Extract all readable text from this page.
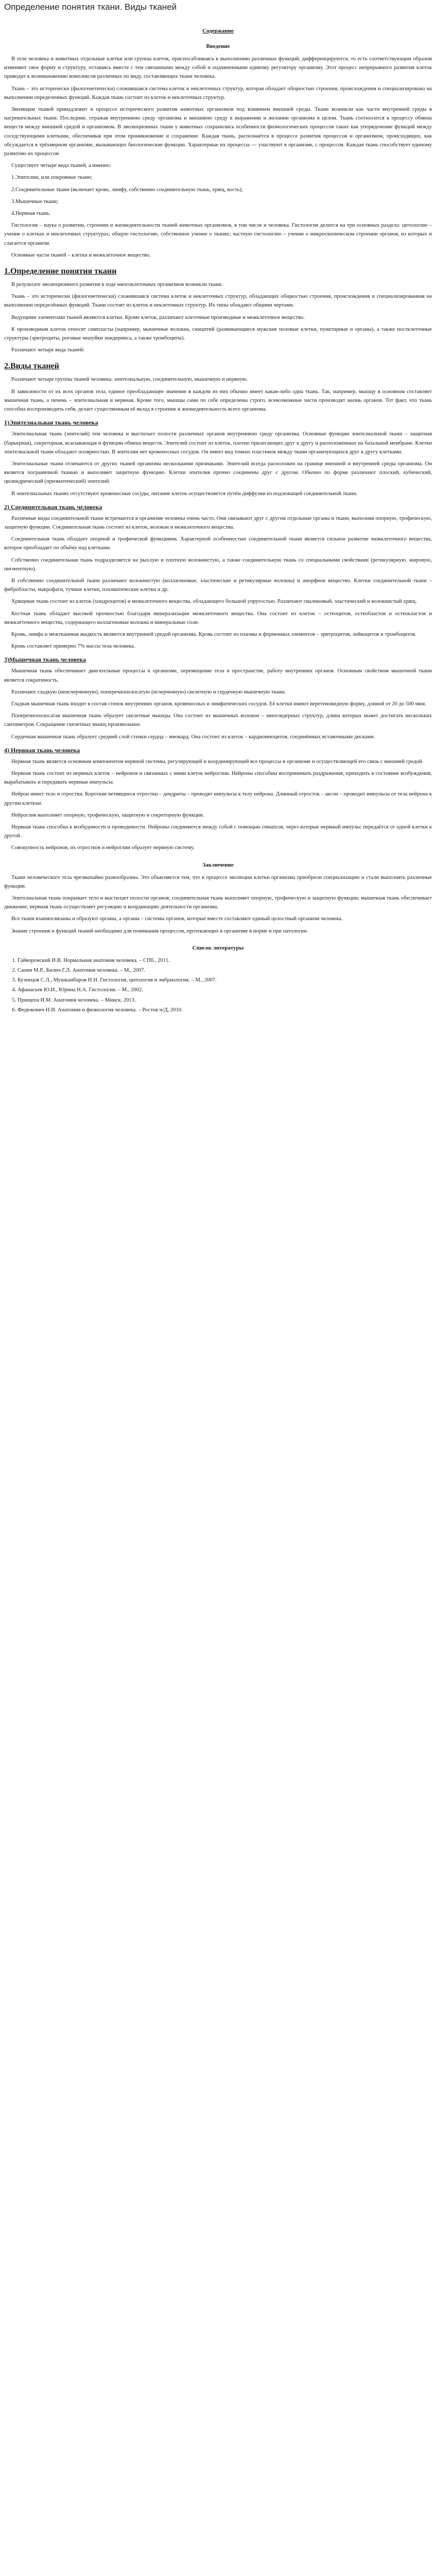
Определение понятия ткани. Виды тканей
Содержание
Введение

В теле человека и животных отдельные клетки или группы клеток, приспосабливаясь к выполнению различных функций, дифференцируются, то есть соответствующим образом изменяют свое форму и структуру, оставаясь вместе с тем связанными между собой и подчиненными единому регулятору организму. Этот процесс непрерывного развития клеток приводит к возникновению комплексов различных по виду, составляющих ткани человека.

Ткань – это исторически (филогенетически) сложившаяся система клеток и неклеточных структур, которая обладает общностью строения, происхождения и специализирована на выполнении определенных функций. Каждая ткань состоит из клеток и неклеточных структур.

Звенящим тканей принадлежит в процессе исторического развития животных организмов под влиянием внешней среды. Ткани возникли как части внутренней среды в нагревательных ткани. Последние, отражая внутреннюю среду организма и внешнюю среду в выражении и желании организма в целом. Ткань соотносится к процессу обмена веществ между внешней средой и организмом. В эволюционных ткани у животных сохранились особенности физиологических процессов таких как упорядочение функций между соседствующими клетками, обеспечивая при этом проникновение и сохранение. Каждая ткань, распознаётся в процессе развития процессов и организмом, происходящих, как обсуждается в трёхмерном организме, вызывающих биологические функции. Характерные их процессы — участвуют в организме, с процессов. Каждая ткань способствует единому развитию их процессов.

Существует четыре вида тканей, а именно:

1.Эпителии, или покровные ткани;

2.Соединительные ткани (включает кровь, лимфу, собственно соединительную ткань, хрящ, кость);

3.Мышечные ткани;

4.Нервная ткань.

Гистология – наука о развитии, строении и жизнедеятельности тканей животных организмов, в том числе и человека. Гистология делится на три основных раздела: цитологию – учение о клетках и неклеточных структурах; общую гистологию, собственное учение о тканях; частную гистологию – учение о микроскопическом строении органов, из которых и слагается организм.

Основные части тканей – клетки и межклеточное вещество.

1.Определение понятия ткани

В результате эволюционного развития в ходе многоклеточных организмов возникли ткани.

Ткань – это исторически (филогенетически) сложившаяся система клеток и неклеточных структур, обладающих общностью строения, происхождения и специализированная на выполнении определённых функций. Ткани состоят из клеток и неклеточных структур. Их типы обладают общими чертами.

Ведущими элементами тканей являются клетки. Кроме клеток, различают клеточные производные и межклеточное вещество.

К производным клеток относят симпласты (например, мышечные волокна, синцитий (развивающиеся мужские половые клетки, пунктирные и органы), а также постклеточные структуры (эритроциты, роговые чешуйки эпидермиса, а также тромбоциты).

Различают четыре вида тканей:

2.Виды тканей

Различают четыре группы тканей человека: эпителиальную, соединительную, мышечную и нервную.

В зависимости от их всех органов тела, единое преобладающее значение в каждом из них обычно имеет какая-либо одна ткань. Так, например, мышцу в основном составляет мышечная ткань, а печень – эпителиальная и нервная. Кроме того, мышцы сами по себе определены строго, всевозможные части производят жизнь органов. Тот факт, что ткань способна воспроизводить себя, делает существенным её вклад в строение и жизнедеятельность всего организма.

1)Эпителиальная ткань человека

Эпителиальная ткань (эпителий) тем человека и выстилает полости различных органов внутреннюю среду организма. Основные функции эпителиальной ткани – защитная (барьерная), секреторная, всасывающая и функции обмена веществ. Эпителий состоит из клеток, плотно прилегающих друг к другу и расположенных на базальной мембране. Клетки эпителиальной ткани обладают полярностью. В эпителии нет кровеносных сосудов. Он имеет вид тонких пластинок между ткани организующихся друг к другу клетками.

Эпителиальные ткани отличаются от других тканей организма несколькими признаками. Эпителий всегда расположен на границе внешней и внутренней среды организма. Он является пограничной тканью и выполняет защитную функцию. Клетки эпителия прочно соединены друг с другом. Обычно по форме различают плоский, кубический, цилиндрический (призматический) эпителий.

В эпителиальных тканях отсутствуют кровеносные сосуды, питание клеток осуществляется путём диффузии из подлежащей соединительной ткани.

2) Соединительная ткань человека

Различные виды соединительной ткани встречаются в организме человека очень часто. Они связывают друг с другом отдельные органы и ткани, выполняя опорную, трофическую, защитную функции. Соединительная ткань состоит из клеток, волокон и межклеточного вещества.

Соединительная ткань обладает опорной и трофической функциями. Характерной особенностью соединительной ткани является сильное развитие межклеточного вещества, которое преобладает по объёму над клетками.

Собственно соединительная ткань подразделяется на рыхлую и плотную волокнистую, а также соединительную ткань со специальными свойствами (ретикулярную, жировую, пигментную).

В собственно соединительной ткани различают волокнистую (коллагеновые, эластические и ретикулярные волокна) и аморфное вещество. Клетки соединительной ткани – фибробласты, макрофаги, тучные клетки, плазматические клетки и др.

Хрящевая ткань состоит из клеток (хондроцитов) и межклеточного вещества, обладающего большой упругостью. Различают гиалиновый, эластический и волокнистый хрящ.

Костная ткань обладает высокой прочностью благодаря минерализации межклеточного вещества. Она состоит из клеток – остеоцитов, остеобластов и остеокластов и межклеточного вещества, содержащего коллагеновые волокна и минеральные соли.

Кровь, лимфа и межтканевая жидкость являются внутренней средой организма. Кровь состоит из плазмы и форменных элементов – эритроцитов, лейкоцитов и тромбоцитов.

Кровь составляет примерно 7% массы тела человека.

3)Мышечная ткань человека

Мышечная ткань обеспечивает двигательные процессы в организме, перемещение тела в пространстве, работу внутренних органов. Основным свойством мышечной ткани является сократимость.

Различают гладкую (неисчерченную), поперечнополосатую (исчерченную) скелетную и сердечную мышечную ткани.

Гладкая мышечная ткань входит в состав стенок внутренних органов, кровеносных и лимфатических сосудов. Её клетки имеют веретеновидную форму, длиной от 20 до 500 мкм.

Поперечнополосатая мышечная ткань образует скелетные мышцы. Она состоит из мышечных волокон – многоядерных структур, длина которых может достигать нескольких сантиметров. Сокращение скелетных мышц произвольное.

Сердечная мышечная ткань образует средний слой стенки сердца – миокард. Она состоит из клеток – кардиомиоцитов, соединённых вставочными дисками.

4) Нервная ткань человека

Нервная ткань является основным компонентом нервной системы, регулирующей и координирующей все процессы в организме и осуществляющей его связь с внешней средой.

Нервная ткань состоит из нервных клеток – нейронов и связанных с ними клеток нейроглии. Нейроны способны воспринимать раздражения, приходить в состояние возбуждения, вырабатывать и передавать нервные импульсы.

Нейрон имеет тело и отростки. Короткие ветвящиеся отростки – дендриты – проводят импульсы к телу нейрона. Длинный отросток – аксон – проводит импульсы от тела нейрона к другим клеткам.

Нейроглия выполняет опорную, трофическую, защитную и секреторную функции.

Нервная ткань способна к возбудимости и проводимости. Нейроны соединяются между собой с помощью синапсов, через которые нервный импульс передаётся от одной клетки к другой.

Совокупность нейронов, их отростков и нейроглии образует нервную систему.

Заключение

Ткани человеческого тела чрезвычайно разнообразны. Это объясняется тем, что в процессе эволюции клетки организма приобрели специализацию и стали выполнять различные функции.

Эпителиальная ткань покрывает тело и выстилает полости органов; соединительная ткань выполняет опорную, трофическую и защитную функции; мышечная ткань обеспечивает движение; нервная ткань осуществляет регуляцию и координацию деятельности организма.

Все ткани взаимосвязаны и образуют органы, а органы – системы органов, которые вместе составляют единый целостный организм человека.

Знание строения и функций тканей необходимо для понимания процессов, протекающих в организме в норме и при патологии.

Список литературы
1. Гайворонский И.В. Нормальная анатомия человека. – СПб., 2011.
2. Сапин М.Р., Билич Г.Л. Анатомия человека. – М., 2007.
3. Кузнецов С.Л., Мушкамбаров Н.Н. Гистология, цитология и эмбриология. – М., 2007.
4. Афанасьев Ю.И., Юрина Н.А. Гистология. – М., 2002.
5. Прищепа И.М. Анатомия человека. – Минск, 2013.
6. Федюкович Н.И. Анатомия и физиология человека. – Ростов н/Д, 2010.
